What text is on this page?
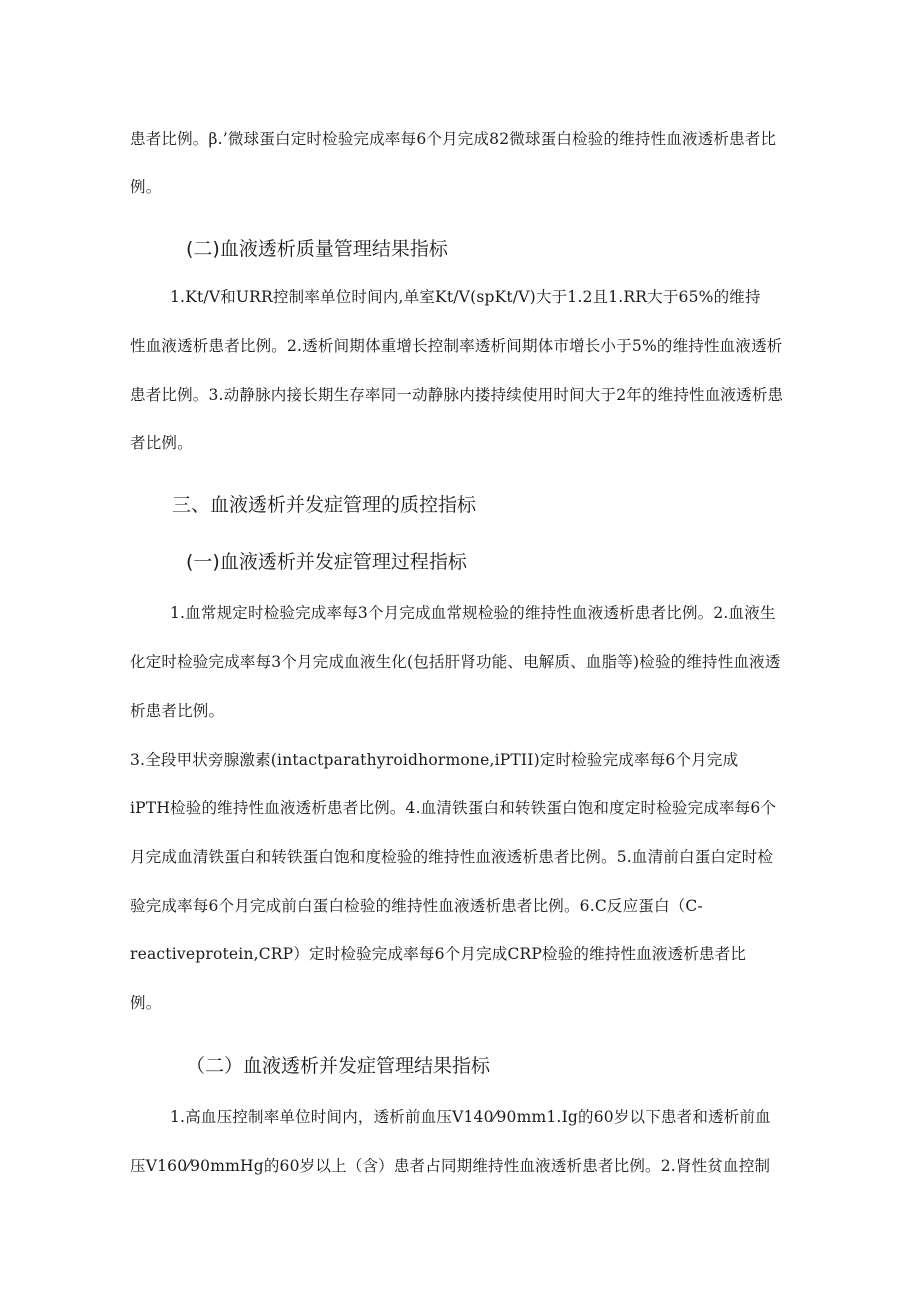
患者比例。β.’微球蛋白定时检验完成率每6个月完成82微球蛋白检验的维持性血液透析患者比
例。
(二)血液透析质量管理结果指标
1.Kt/V和URR控制率单位时间内,单室Kt/V(spKt/V)大于1.2且1.RR大于65%的维持
性血液透析患者比例。2.透析间期体重增长控制率透析间期体市增长小于5%的维持性血液透析
患者比例。3.动静脉内接长期生存率同一动静脉内搂持续使用时间大于2年的维持性血液透析患
者比例。
三、血液透析并发症管理的质控指标
(一)血液透析并发症管理过程指标
1.血常规定时检验完成率每3个月完成血常规检验的维持性血液透析患者比例。2.血液生
化定时检验完成率每3个月完成血液生化(包括肝肾功能、电解质、血脂等)检验的维持性血液透
析患者比例。
3.全段甲状旁腺激素(intactparathyroidhormone,iPTII)定时检验完成率每6个月完成
iPTH检验的维持性血液透析患者比例。4.血清铁蛋白和转铁蛋白饱和度定时检验完成率每6个
月完成血清铁蛋白和转铁蛋白饱和度检验的维持性血液透析患者比例。5.血清前白蛋白定时检
验完成率每6个月完成前白蛋白检验的维持性血液透析患者比例。6.C反应蛋白（C-
reactiveprotein,CRP）定时检验完成率每6个月完成CRP检验的维持性血液透析患者比
例。
（二）血液透析并发症管理结果指标
1.高血压控制率单位时间内，透析前血压V140⁄90mm1.Ig的60岁以下患者和透析前血
压V160⁄90mmHg的60岁以上（含）患者占同期维持性血液透析患者比例。2.肾性贫血控制
